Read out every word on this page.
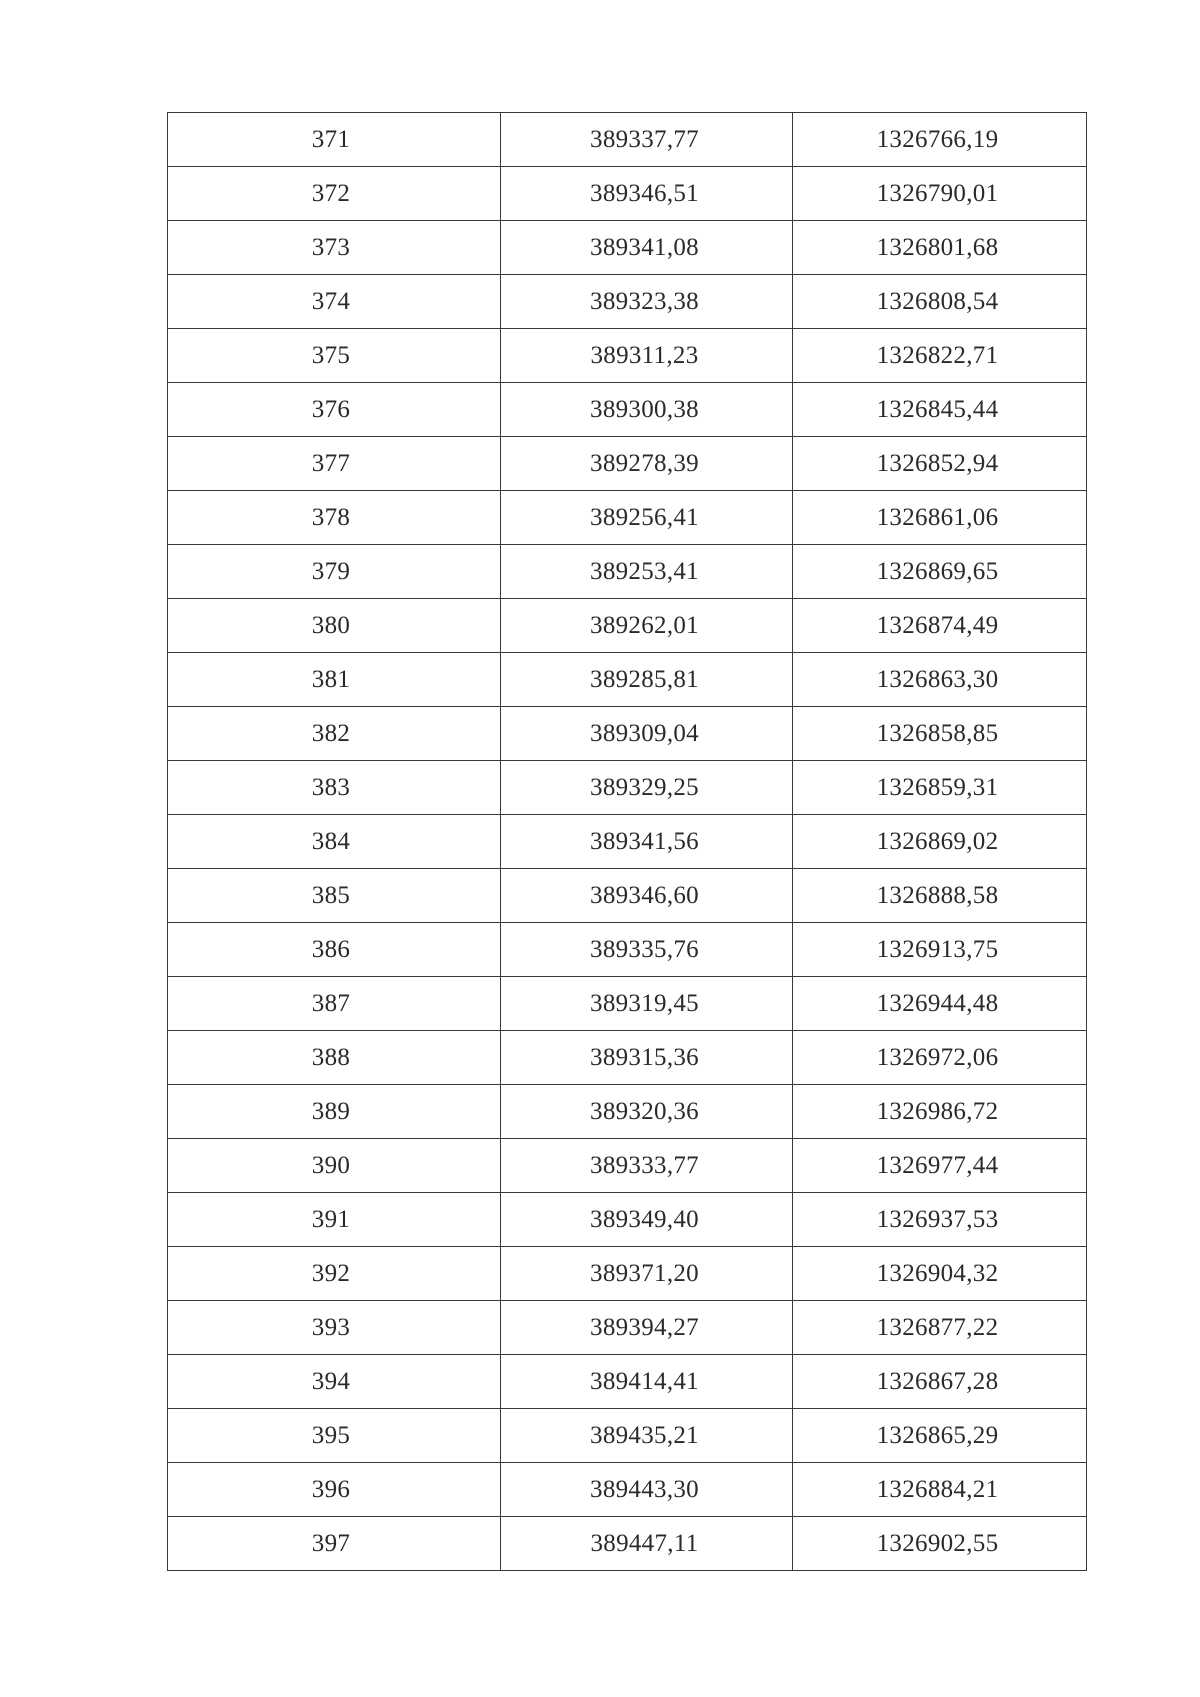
371	389337,77	1326766,19
372	389346,51	1326790,01
373	389341,08	1326801,68
374	389323,38	1326808,54
375	389311,23	1326822,71
376	389300,38	1326845,44
377	389278,39	1326852,94
378	389256,41	1326861,06
379	389253,41	1326869,65
380	389262,01	1326874,49
381	389285,81	1326863,30
382	389309,04	1326858,85
383	389329,25	1326859,31
384	389341,56	1326869,02
385	389346,60	1326888,58
386	389335,76	1326913,75
387	389319,45	1326944,48
388	389315,36	1326972,06
389	389320,36	1326986,72
390	389333,77	1326977,44
391	389349,40	1326937,53
392	389371,20	1326904,32
393	389394,27	1326877,22
394	389414,41	1326867,28
395	389435,21	1326865,29
396	389443,30	1326884,21
397	389447,11	1326902,55
